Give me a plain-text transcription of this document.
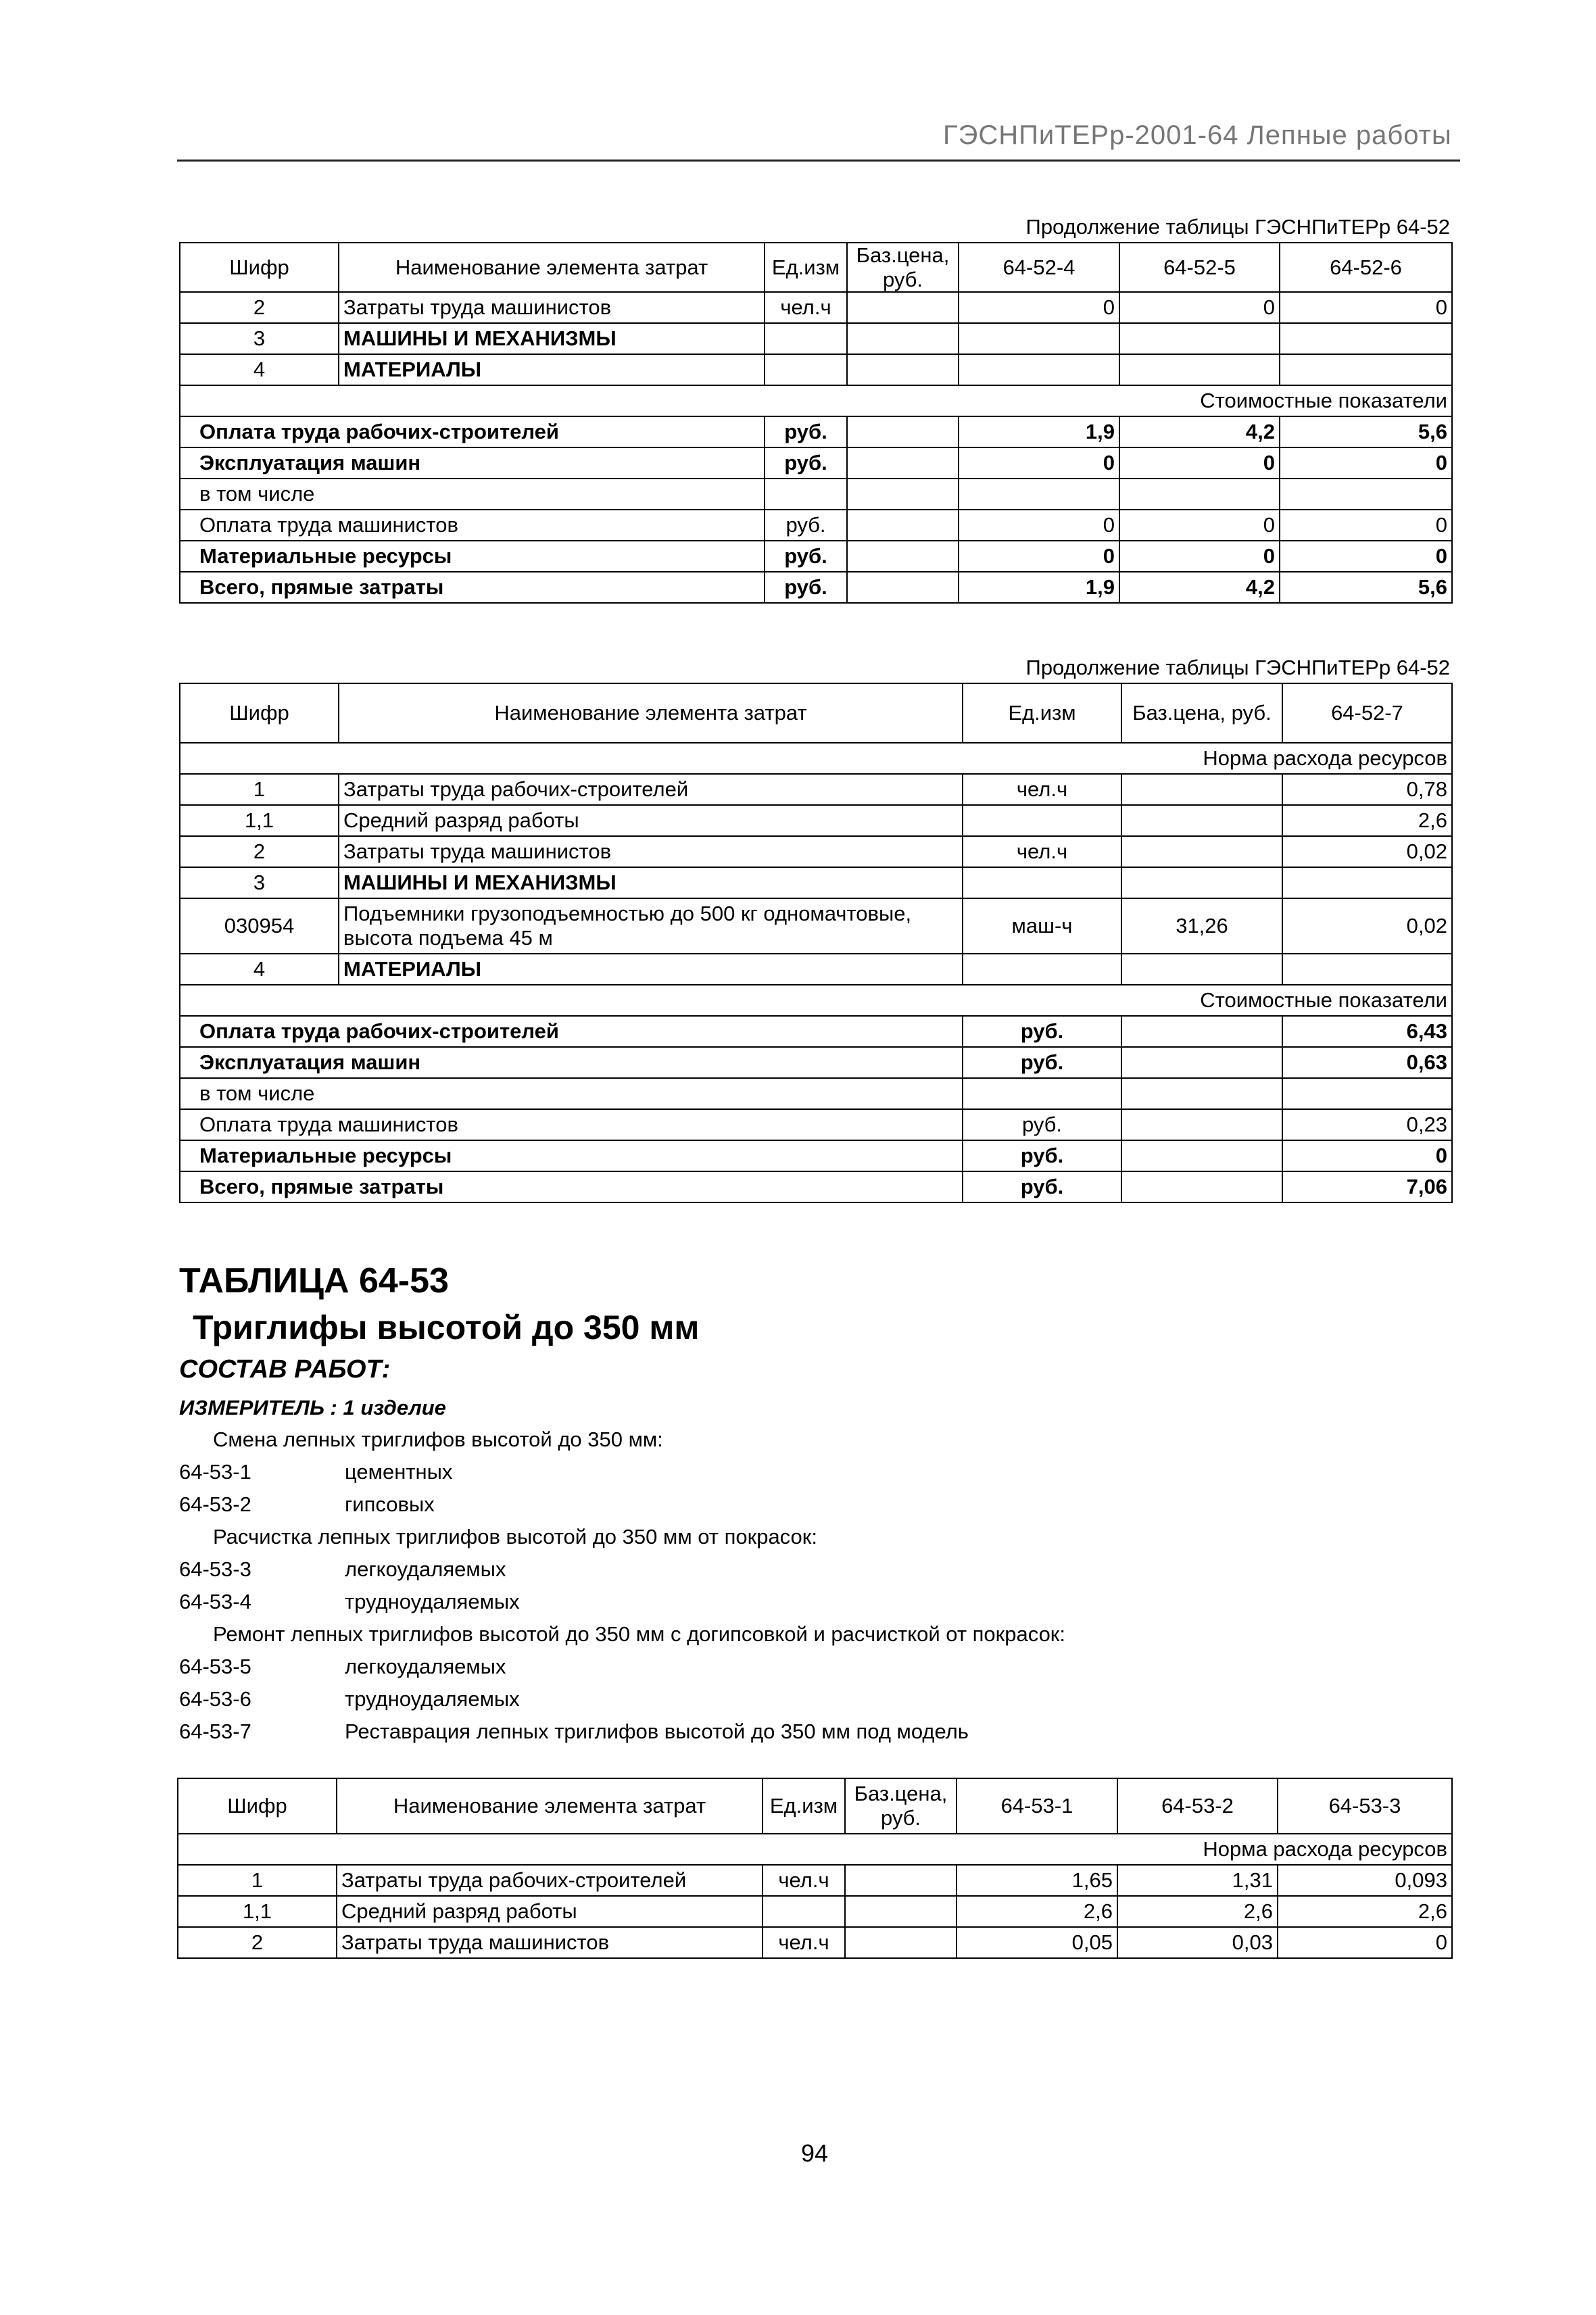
ГЭСНПиТЕРр-2001-64 Лепные работы
Продолжение таблицы ГЭСНПиТЕРр 64-52
Шифр	Наименование элемента затрат	Ед.изм	Баз.цена, руб.	64-52-4	64-52-5	64-52-6
2	Затраты труда машинистов	чел.ч		0	0	0
3	МАШИНЫ И МЕХАНИЗМЫ					
4	МАТЕРИАЛЫ					
Стоимостные показатели						
Оплата труда рабочих-строителей		руб.		1,9	4,2	5,6
Эксплуатация машин		руб.		0	0	0
в том числе						
Оплата труда машинистов		руб.		0	0	0
Материальные ресурсы		руб.		0	0	0
Всего, прямые затраты		руб.		1,9	4,2	5,6
Продолжение таблицы ГЭСНПиТЕРр 64-52
Шифр	Наименование элемента затрат	Ед.изм	Баз.цена, руб.	64-52-7
Норма расхода ресурсов				
1	Затраты труда рабочих-строителей	чел.ч		0,78
1,1	Средний разряд работы			2,6
2	Затраты труда машинистов	чел.ч		0,02
3	МАШИНЫ И МЕХАНИЗМЫ			
030954	Подъемники грузоподъемностью до 500 кг одномачтовые, высота подъема 45 м	маш-ч	31,26	0,02
4	МАТЕРИАЛЫ			
Стоимостные показатели				
Оплата труда рабочих-строителей		руб.		6,43
Эксплуатация машин		руб.		0,63
в том числе				
Оплата труда машинистов		руб.		0,23
Материальные ресурсы		руб.		0
Всего, прямые затраты		руб.		7,06
ТАБЛИЦА 64-53
Триглифы высотой до 350 мм
СОСТАВ РАБОТ:
ИЗМЕРИТЕЛЬ : 1 изделие
Смена лепных триглифов высотой до 350 мм:
64-53-1	цементных
64-53-2	гипсовых
Расчистка лепных триглифов высотой до 350 мм от покрасок:
64-53-3	легкоудаляемых
64-53-4	трудноудаляемых
Ремонт лепных триглифов высотой до 350 мм с догипсовкой и расчисткой от покрасок:
64-53-5	легкоудаляемых
64-53-6	трудноудаляемых
64-53-7	Реставрация лепных триглифов высотой до 350 мм под модель
Шифр	Наименование элемента затрат	Ед.изм	Баз.цена, руб.	64-53-1	64-53-2	64-53-3
Норма расхода ресурсов						
1	Затраты труда рабочих-строителей	чел.ч		1,65	1,31	0,093
1,1	Средний разряд работы			2,6	2,6	2,6
2	Затраты труда машинистов	чел.ч		0,05	0,03	0
94
